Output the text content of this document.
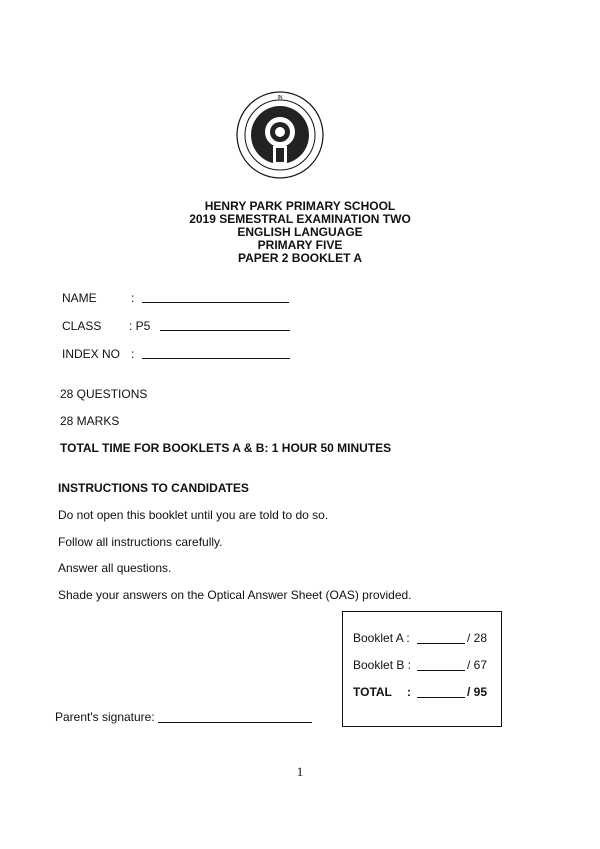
IN
HENRY PARK PRIMARY SCHOOL
2019 SEMESTRAL EXAMINATION TWO
ENGLISH LANGUAGE
PRIMARY FIVE
PAPER 2 BOOKLET A
NAME	:
CLASS : P5
INDEX NO :
28 QUESTIONS
28 MARKS
TOTAL TIME FOR BOOKLETS A & B: 1 HOUR 50 MINUTES
INSTRUCTIONS TO CANDIDATES
Do not open this booklet until you are told to do so.
Follow all instructions carefully.
Answer all questions.
Shade your answers on the Optical Answer Sheet (OAS) provided.
Booklet A :	/ 28
Booklet B :	/ 67
TOTAL :	/ 95
Parent's signature:
1
